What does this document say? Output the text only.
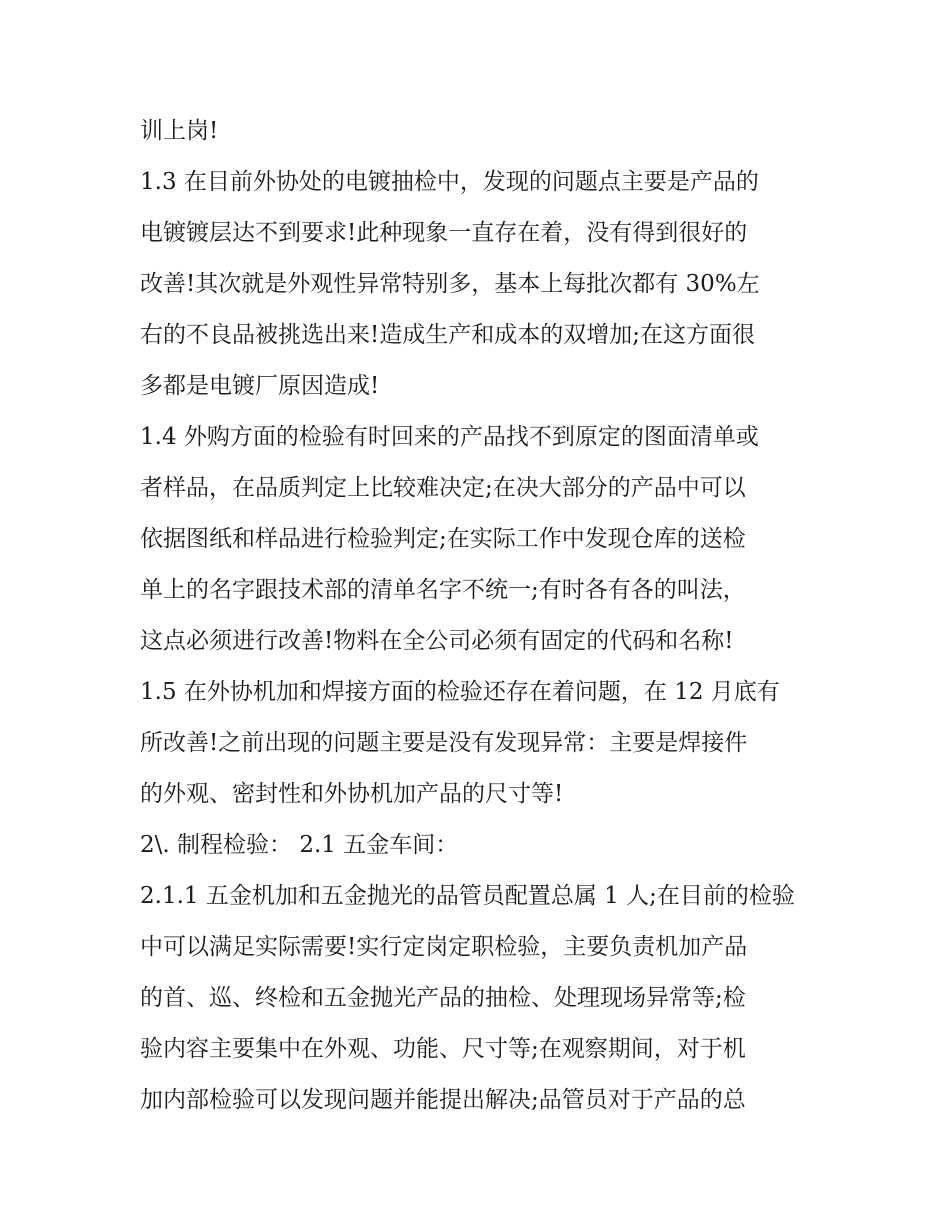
训上岗!
1.3 在目前外协处的电镀抽检中，发现的问题点主要是产品的
电镀镀层达不到要求!此种现象一直存在着，没有得到很好的
改善!其次就是外观性异常特别多，基本上每批次都有 30%左
右的不良品被挑选出来!造成生产和成本的双增加;在这方面很
多都是电镀厂原因造成!
1.4 外购方面的检验有时回来的产品找不到原定的图面清单或
者样品，在品质判定上比较难决定;在决大部分的产品中可以
依据图纸和样品进行检验判定;在实际工作中发现仓库的送检
单上的名字跟技术部的清单名字不统一;有时各有各的叫法，
这点必须进行改善!物料在全公司必须有固定的代码和名称!
1.5 在外协机加和焊接方面的检验还存在着问题，在 12 月底有
所改善!之前出现的问题主要是没有发现异常：主要是焊接件
的外观、密封性和外协机加产品的尺寸等!
2\. 制程检验： 2.1 五金车间：
2.1.1 五金机加和五金抛光的品管员配置总属 1 人;在目前的检验
中可以满足实际需要!实行定岗定职检验，主要负责机加产品
的首、巡、终检和五金抛光产品的抽检、处理现场异常等;检
验内容主要集中在外观、功能、尺寸等;在观察期间，对于机
加内部检验可以发现问题并能提出解决;品管员对于产品的总
